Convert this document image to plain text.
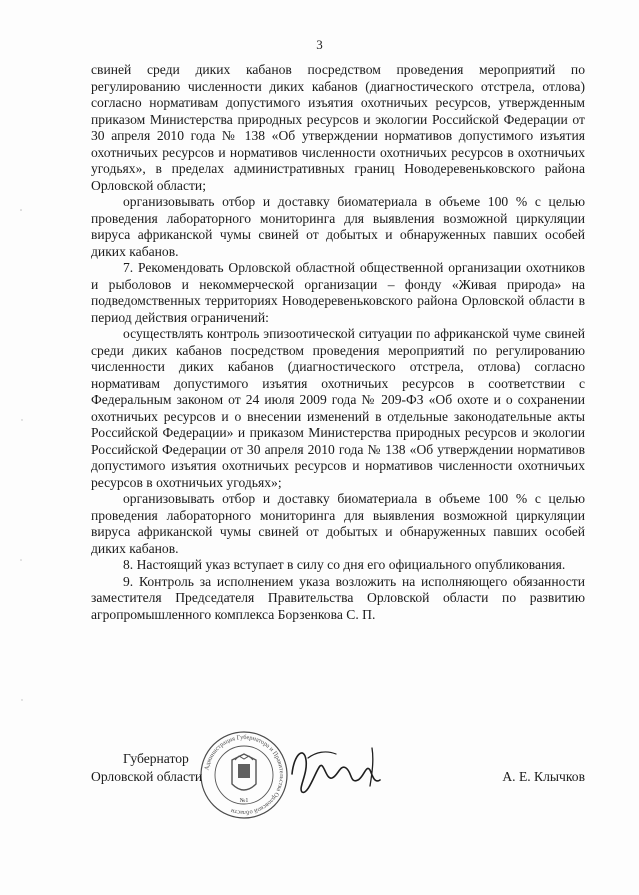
3

свиней среди диких кабанов посредством проведения мероприятий по регулированию численности диких кабанов (диагностического отстрела, отлова) согласно нормативам допустимого изъятия охотничьих ресурсов, утвержденным приказом Министерства природных ресурсов и экологии Российской Федерации от 30 апреля 2010 года № 138 «Об утверждении нормативов допустимого изъятия охотничьих ресурсов и нормативов численности охотничьих ресурсов в охотничьих угодьях», в пределах административных границ Новодеревеньковского района Орловской области;

организовывать отбор и доставку биоматериала в объеме 100 % с целью проведения лабораторного мониторинга для выявления возможной циркуляции вируса африканской чумы свиней от добытых и обнаруженных павших особей диких кабанов.

7. Рекомендовать Орловской областной общественной организации охотников и рыболовов и некоммерческой организации – фонду «Живая природа» на подведомственных территориях Новодеревеньковского района Орловской области в период действия ограничений:

осуществлять контроль эпизоотической ситуации по африканской чуме свиней среди диких кабанов посредством проведения мероприятий по регулированию численности диких кабанов (диагностического отстрела, отлова) согласно нормативам допустимого изъятия охотничьих ресурсов в соответствии с Федеральным законом от 24 июля 2009 года № 209-ФЗ «Об охоте и о сохранении охотничьих ресурсов и о внесении изменений в отдельные законодательные акты Российской Федерации» и приказом Министерства природных ресурсов и экологии Российской Федерации от 30 апреля 2010 года № 138 «Об утверждении нормативов допустимого изъятия охотничьих ресурсов и нормативов численности охотничьих ресурсов в охотничьих угодьях»;

организовывать отбор и доставку биоматериала в объеме 100 % с целью проведения лабораторного мониторинга для выявления возможной циркуляции вируса африканской чумы свиней от добытых и обнаруженных павших особей диких кабанов.

8. Настоящий указ вступает в силу со дня его официального опубликования.

9. Контроль за исполнением указа возложить на исполняющего обязанности заместителя Председателя Правительства Орловской области по развитию агропромышленного комплекса Борзенкова С. П.

Губернатор
Орловской области
Администрация Губернатора и Правительства Орловской области
№1
А. Е. Клычков
